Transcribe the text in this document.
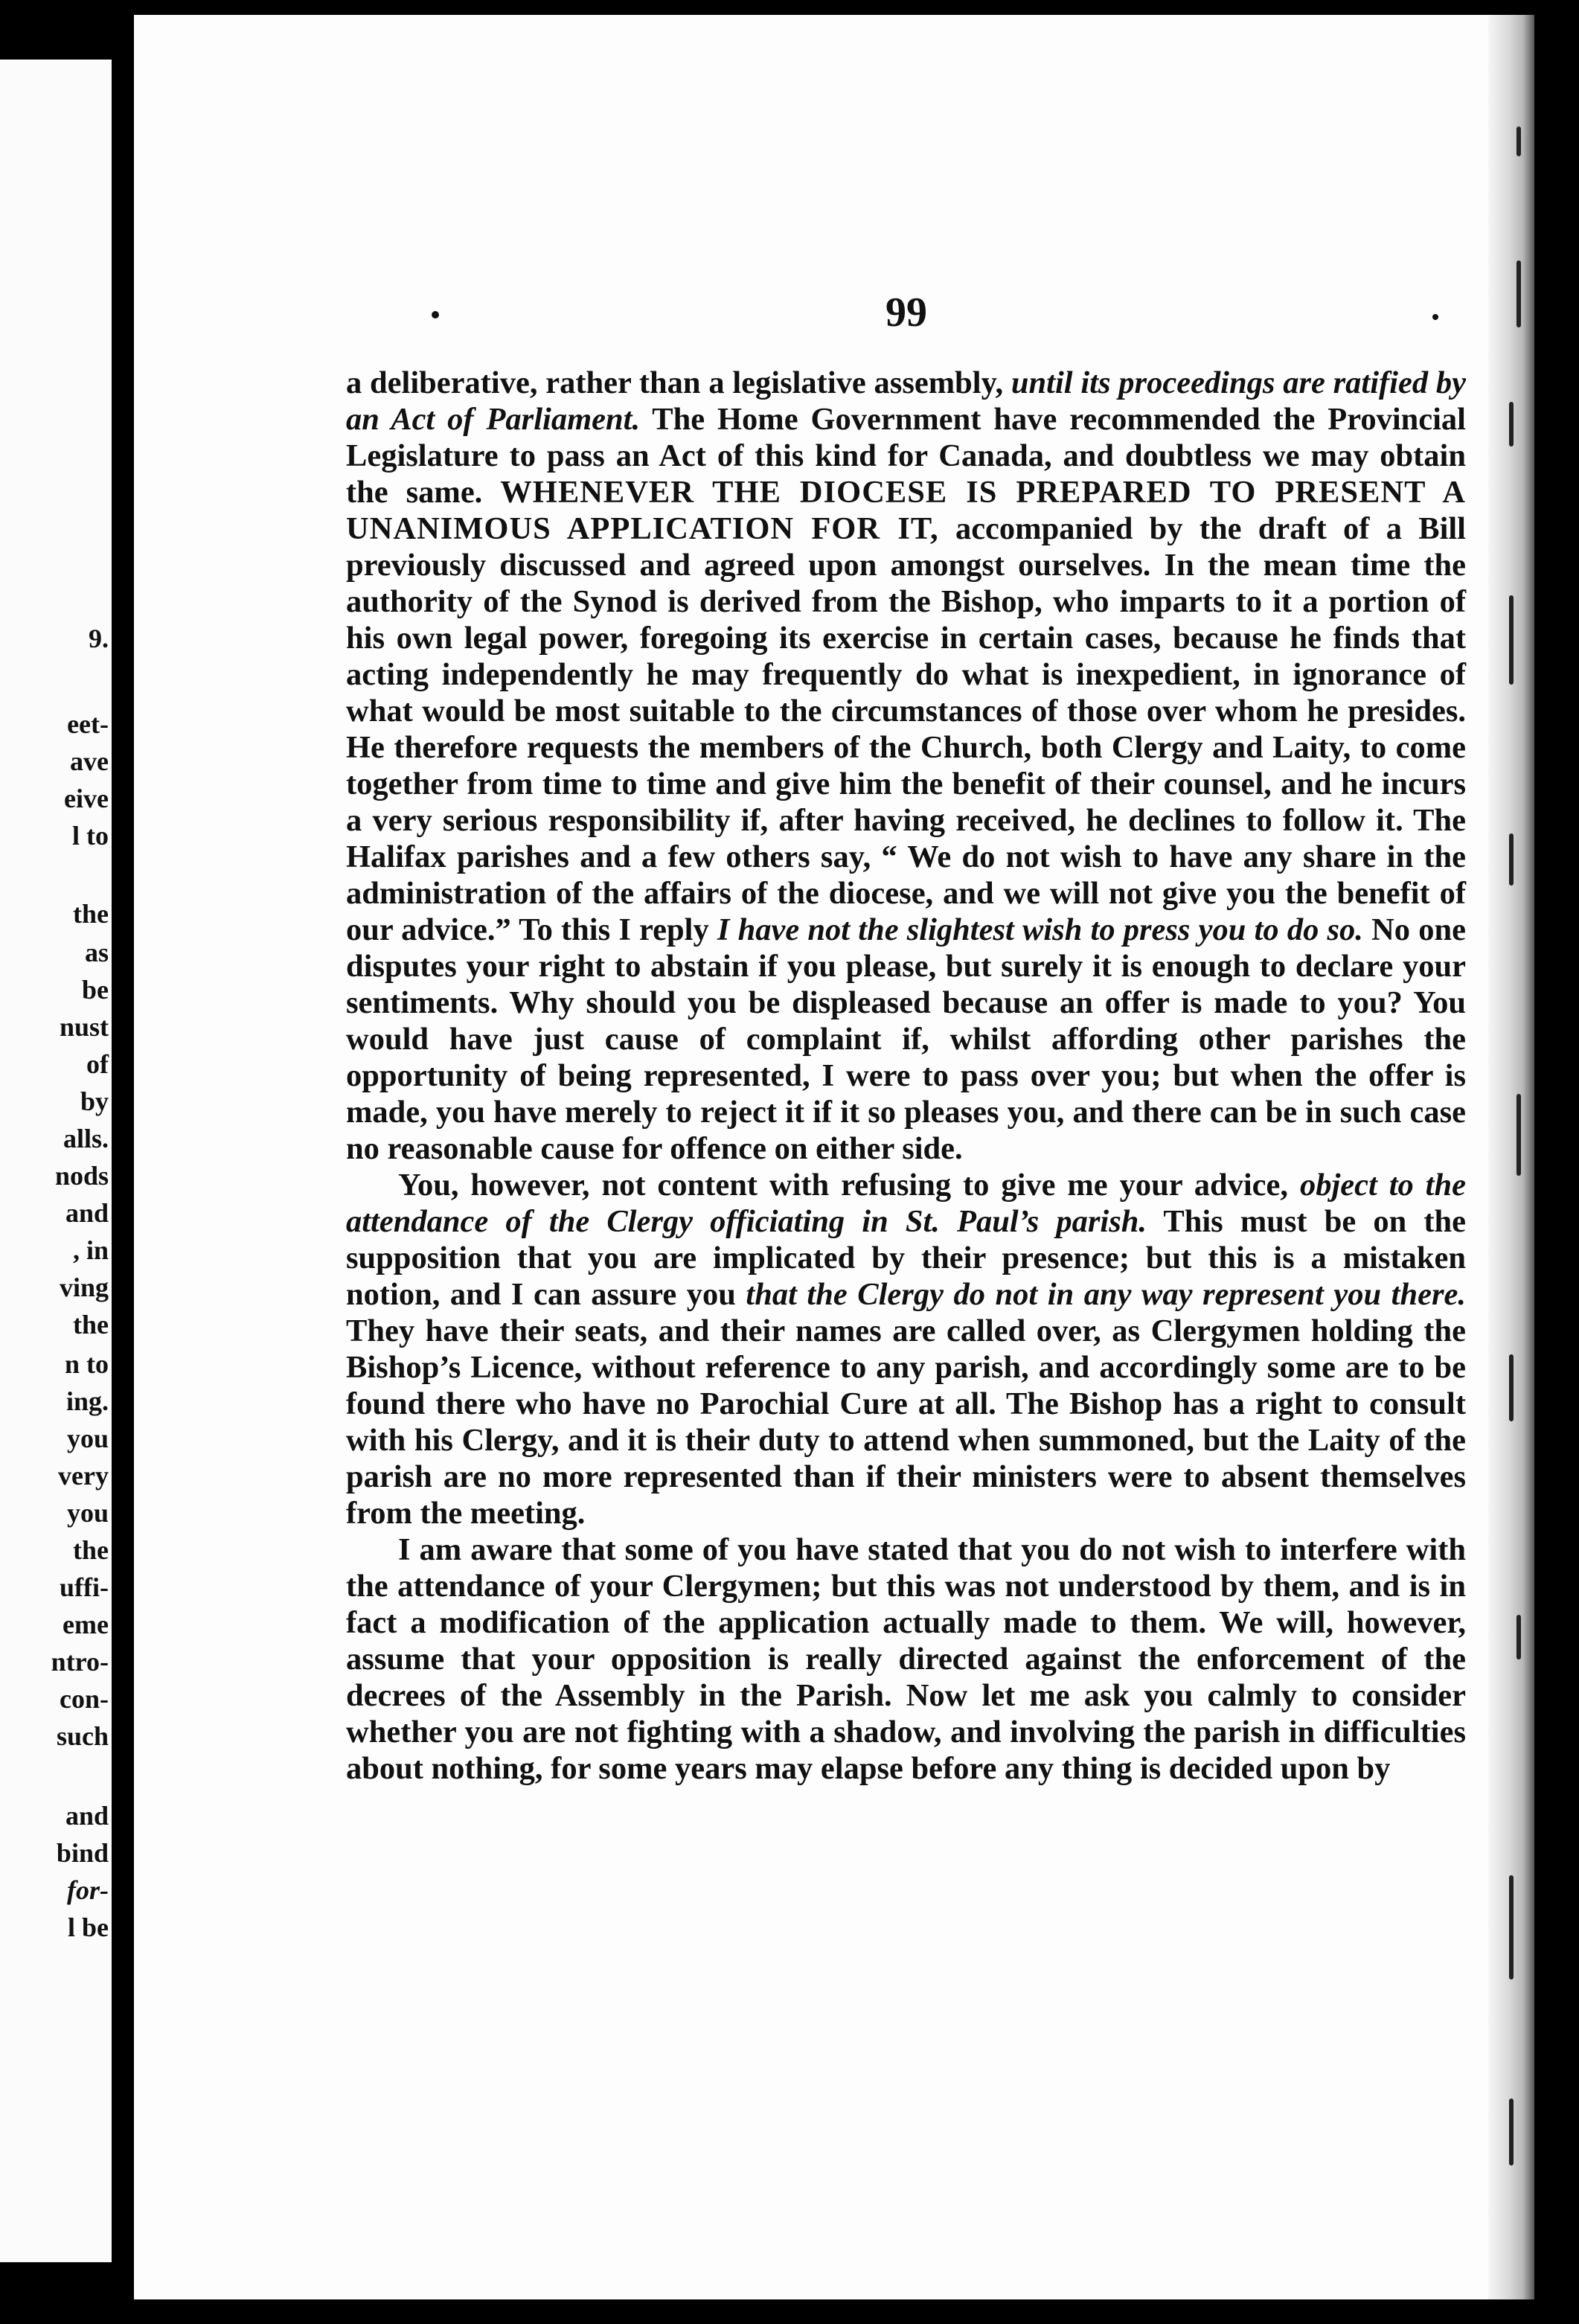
9.
eet-
ave
eive
l to
the
as
be
nust
of
by
alls.
nods
and
, in
ving
the
n to
ing.
you
very
you
the
uffi-
eme
ntro-
con-
such
and
bind
for-
l be
99

a deliberative, rather than a legislative assembly, until its proceedings are ratified by an Act of Parliament. The Home Government have recommended the Provincial Legislature to pass an Act of this kind for Canada, and doubtless we may obtain the same. WHENEVER THE DIOCESE IS PREPARED TO PRESENT A UNANIMOUS APPLICATION FOR IT, accompanied by the draft of a Bill previously discussed and agreed upon amongst ourselves. In the mean time the authority of the Synod is derived from the Bishop, who imparts to it a portion of his own legal power, foregoing its exercise in certain cases, because he finds that acting independently he may frequently do what is inexpedient, in ignorance of what would be most suitable to the circumstances of those over whom he presides. He therefore requests the members of the Church, both Clergy and Laity, to come together from time to time and give him the benefit of their counsel, and he incurs a very serious responsibility if, after having received, he declines to follow it. The Halifax parishes and a few others say, “ We do not wish to have any share in the administration of the affairs of the diocese, and we will not give you the benefit of our advice.” To this I reply I have not the slightest wish to press you to do so. No one disputes your right to abstain if you please, but surely it is enough to declare your sentiments. Why should you be displeased because an offer is made to you? You would have just cause of complaint if, whilst affording other parishes the opportunity of being represented, I were to pass over you; but when the offer is made, you have merely to reject it if it so pleases you, and there can be in such case no reasonable cause for offence on either side.

You, however, not content with refusing to give me your advice, object to the attendance of the Clergy officiating in St. Paul’s parish. This must be on the supposition that you are implicated by their presence; but this is a mistaken notion, and I can assure you that the Clergy do not in any way represent you there. They have their seats, and their names are called over, as Clergymen holding the Bishop’s Licence, without reference to any parish, and accordingly some are to be found there who have no Parochial Cure at all. The Bishop has a right to consult with his Clergy, and it is their duty to attend when summoned, but the Laity of the parish are no more represented than if their ministers were to absent themselves from the meeting.

I am aware that some of you have stated that you do not wish to interfere with the attendance of your Clergymen; but this was not understood by them, and is in fact a modification of the application actually made to them. We will, however, assume that your opposition is really directed against the enforcement of the decrees of the Assembly in the Parish. Now let me ask you calmly to consider whether you are not fighting with a shadow, and involving the parish in difficulties about nothing, for some years may elapse before any thing is decided upon by
